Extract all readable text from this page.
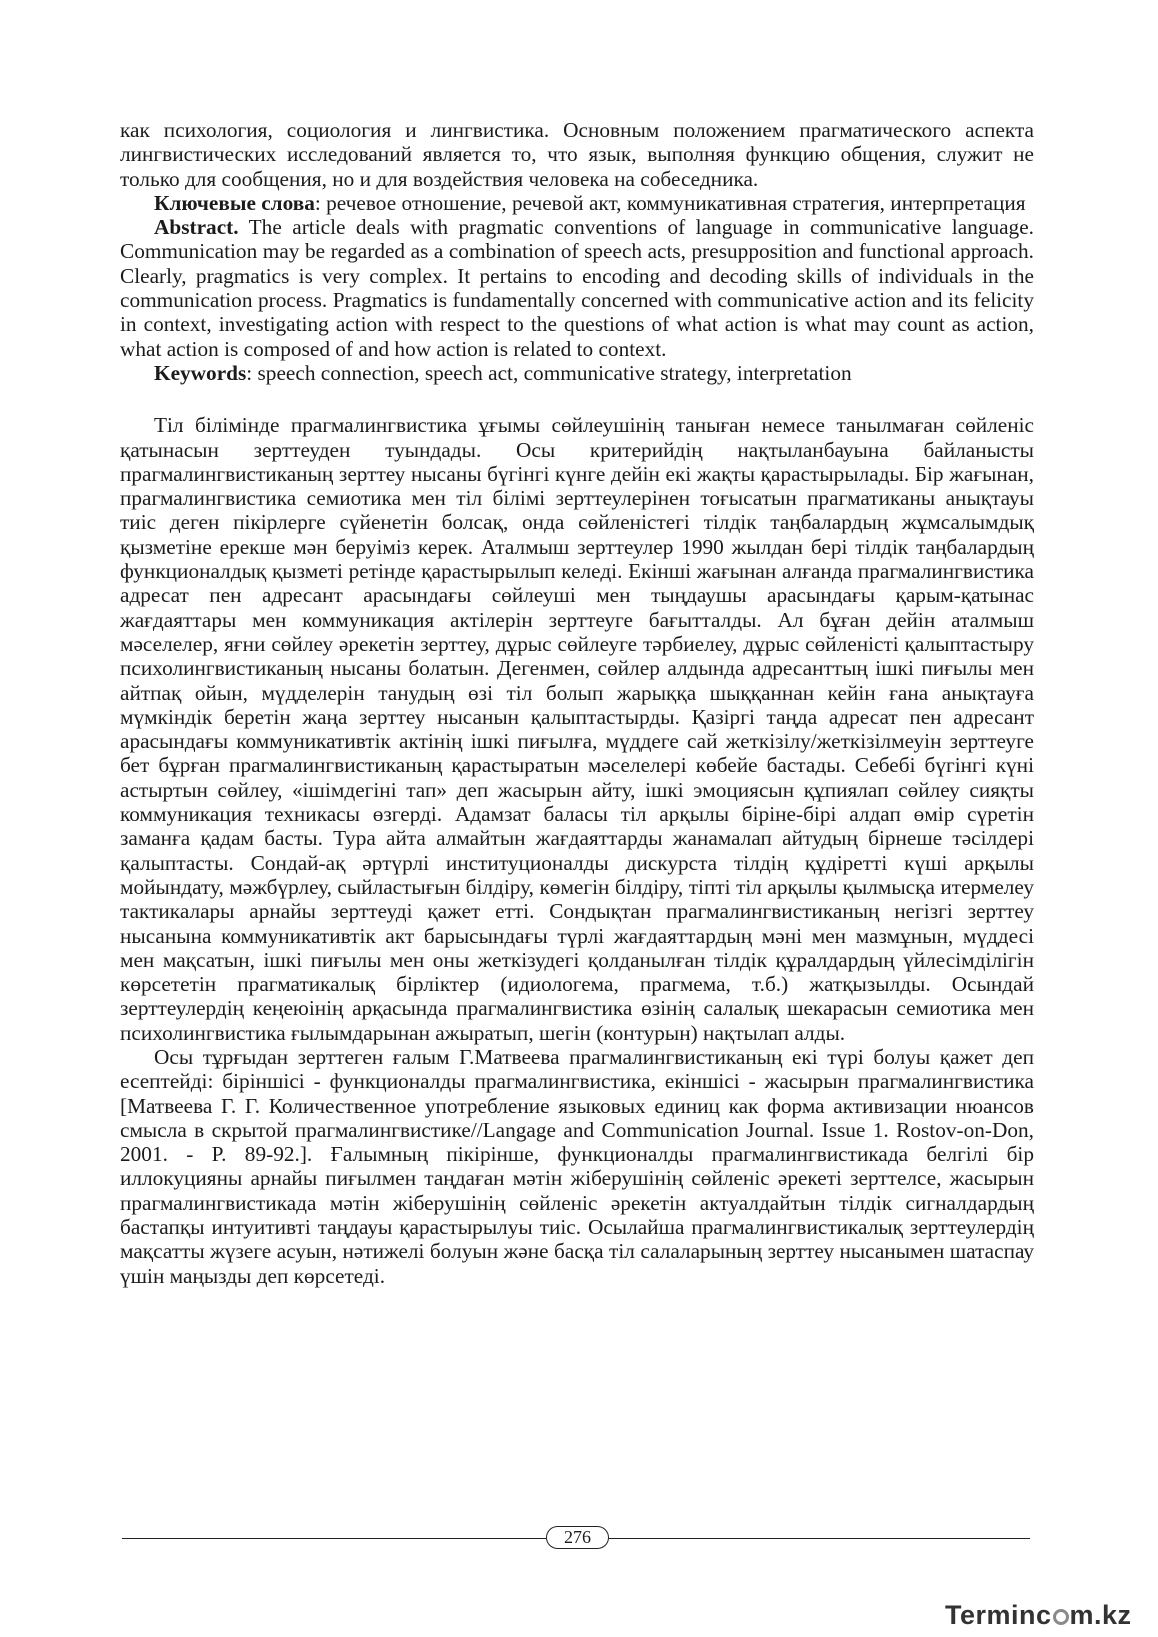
как психология, социология и лингвистика. Основным положением прагматического аспекта лингвистических исследований является то, что язык, выполняя функцию общения, служит не только для сообщения, но и для воздействия человека на собеседника.

Ключевые слова: речевое отношение, речевой акт, коммуникативная стратегия, интерпретация

Abstract. The article deals with pragmatic conventions of language in communicative language. Communication may be regarded as a combination of speech acts, presupposition and functional approach. Clearly, pragmatics is very complex. It pertains to encoding and decoding skills of individuals in the communication process. Pragmatics is fundamentally concerned with communicative action and its felicity in context, investigating action with respect to the questions of what action is what may count as action, what action is composed of and how action is related to context.

Keywords: speech connection, speech act, communicative strategy, interpretation

Тіл білімінде прагмалингвистика ұғымы сөйлеушінің таныған немесе танылмаған сөйленіс қатынасын зерттеуден туындады. Осы критерийдің нақтыланбауына байланысты прагмалингвистиканың зерттеу нысаны бүгінгі күнге дейін екі жақты қарастырылады. Бір жағынан, прагмалингвистика семиотика мен тіл білімі зерттеулерінен тоғысатын прагматиканы анықтауы тиіс деген пікірлерге сүйенетін болсақ, онда сөйленістегі тілдік таңбалардың жұмсалымдық қызметіне ерекше мән беруіміз керек. Аталмыш зерттеулер 1990 жылдан бері тілдік таңбалардың функционалдық қызметі ретінде қарастырылып келеді. Екінші жағынан алғанда прагмалингвистика адресат пен адресант арасындағы сөйлеуші мен тыңдаушы арасындағы қарым-қатынас жағдаяттары мен коммуникация актілерін зерттеуге бағытталды. Ал бұған дейін аталмыш мәселелер, яғни сөйлеу әрекетін зерттеу, дұрыс сөйлеуге тәрбиелеу, дұрыс сөйленісті қалыптастыру психолингвистиканың нысаны болатын. Дегенмен, сөйлер алдында адресанттың ішкі пиғылы мен айтпақ ойын, мүдделерін танудың өзі тіл болып жарыққа шыққаннан кейін ғана анықтауға мүмкіндік беретін жаңа зерттеу нысанын қалыптастырды. Қазіргі таңда адресат пен адресант арасындағы коммуникативтік актінің ішкі пиғылға, мүддеге сай жеткізілу/жеткізілмеуін зерттеуге бет бұрған прагмалингвистиканың қарастыратын мәселелері көбейе бастады. Себебі бүгінгі күні астыртын сөйлеу, «ішімдегіні тап» деп жасырын айту, ішкі эмоциясын құпиялап сөйлеу сияқты коммуникация техникасы өзгерді. Адамзат баласы тіл арқылы біріне-бірі алдап өмір сүретін заманға қадам басты. Тура айта алмайтын жағдаяттарды жанамалап айтудың бірнеше тәсілдері қалыптасты. Сондай-ақ әртүрлі институционалды дискурста тілдің құдіретті күші арқылы мойындату, мәжбүрлеу, сыйластығын білдіру, көмегін білдіру, тіпті тіл арқылы қылмысқа итермелеу тактикалары арнайы зерттеуді қажет етті. Сондықтан прагмалингвистиканың негізгі зерттеу нысанына коммуникативтік акт барысындағы түрлі жағдаяттардың мәні мен мазмұнын, мүддесі мен мақсатын, ішкі пиғылы мен оны жеткізудегі қолданылған тілдік құралдардың үйлесімділігін көрсететін прагматикалық бірліктер (идиологема, прагмема, т.б.) жатқызылды. Осындай зерттеулердің кеңеюінің арқасында прагмалингвистика өзінің салалық шекарасын семиотика мен психолингвистика ғылымдарынан ажыратып, шегін (контурын) нақтылап алды.

Осы тұрғыдан зерттеген ғалым Г.Матвеева прагмалингвистиканың екі түрі болуы қажет деп есептейді: біріншісі - функционалды прагмалингвистика, екіншісі - жасырын прагмалингвистика [Матвеева Г. Г. Количественное употребление языковых единиц как форма активизации нюансов смысла в скрытой прагмалингвистике//Langage and Communication Journal. Issue 1. Rostov-on-Don, 2001. - P. 89-92.]. Ғалымның пікірінше, функционалды прагмалингвистикада белгілі бір иллокуцияны арнайы пиғылмен таңдаған мәтін жіберушінің сөйленіс әрекеті зерттелсе, жасырын прагмалингвистикада мәтін жіберушінің сөйленіс әрекетін актуалдайтын тілдік сигналдардың бастапқы интуитивті таңдауы қарастырылуы тиіс. Осылайша прагмалингвистикалық зерттеулердің мақсатты жүзеге асуын, нәтижелі болуын және басқа тіл салаларының зерттеу нысанымен шатаспау үшін маңызды деп көрсетеді.

276
Terminc m.kz
